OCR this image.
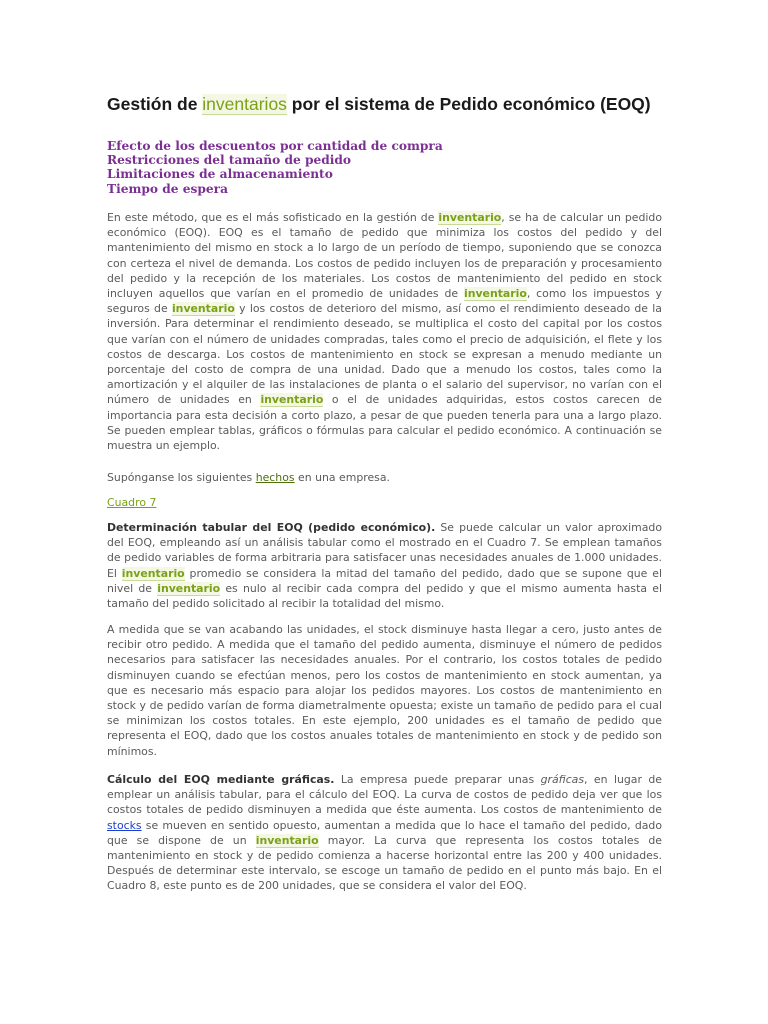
Gestión de inventarios por el sistema de Pedido económico (EOQ)
Efecto de los descuentos por cantidad de compra
Restricciones del tamaño de pedido
Limitaciones de almacenamiento
Tiempo de espera

En este método, que es el más sofisticado en la gestión de inventario, se ha de calcular un pedido económico (EOQ). EOQ es el tamaño de pedido que minimiza los costos del pedido y del mantenimiento del mismo en stock a lo largo de un período de tiempo, suponiendo que se conozca con certeza el nivel de demanda. Los costos de pedido incluyen los de preparación y procesamiento del pedido y la recepción de los materiales. Los costos de mantenimiento del pedido en stock incluyen aquellos que varían en el promedio de unidades de inventario, como los impuestos y seguros de inventario y los costos de deterioro del mismo, así como el rendimiento deseado de la inversión. Para determinar el rendimiento deseado, se multiplica el costo del capital por los costos que varían con el número de unidades compradas, tales como el precio de adquisición, el flete y los costos de descarga. Los costos de mantenimiento en stock se expresan a menudo mediante un porcentaje del costo de compra de una unidad. Dado que a menudo los costos, tales como la amortización y el alquiler de las instalaciones de planta o el salario del supervisor, no varían con el número de unidades en inventario o el de unidades adquiridas, estos costos carecen de importancia para esta decisión a corto plazo, a pesar de que pueden tenerla para una a largo plazo. Se pueden emplear tablas, gráficos o fórmulas para calcular el pedido económico. A continuación se muestra un ejemplo.

Supónganse los siguientes hechos en una empresa.

Cuadro 7

Determinación tabular del EOQ (pedido económico). Se puede calcular un valor aproximado del EOQ, empleando así un análisis tabular como el mostrado en el Cuadro 7. Se emplean tamaños de pedido variables de forma arbitraria para satisfacer unas necesidades anuales de 1.000 unidades. El inventario promedio se considera la mitad del tamaño del pedido, dado que se supone que el nivel de inventario es nulo al recibir cada compra del pedido y que el mismo aumenta hasta el tamaño del pedido solicitado al recibir la totalidad del mismo.

A medida que se van acabando las unidades, el stock disminuye hasta llegar a cero, justo antes de recibir otro pedido. A medida que el tamaño del pedido aumenta, disminuye el número de pedidos necesarios para satisfacer las necesidades anuales. Por el contrario, los costos totales de pedido disminuyen cuando se efectúan menos, pero los costos de mantenimiento en stock aumentan, ya que es necesario más espacio para alojar los pedidos mayores. Los costos de mantenimiento en stock y de pedido varían de forma diametralmente opuesta; existe un tamaño de pedido para el cual se minimizan los costos totales. En este ejemplo, 200 unidades es el tamaño de pedido que representa el EOQ, dado que los costos anuales totales de mantenimiento en stock y de pedido son mínimos.

Cálculo del EOQ mediante gráficas. La empresa puede preparar unas gráficas, en lugar de emplear un análisis tabular, para el cálculo del EOQ. La curva de costos de pedido deja ver que los costos totales de pedido disminuyen a medida que éste aumenta. Los costos de mantenimiento de stocks se mueven en sentido opuesto, aumentan a medida que lo hace el tamaño del pedido, dado que se dispone de un inventario mayor. La curva que representa los costos totales de mantenimiento en stock y de pedido comienza a hacerse horizontal entre las 200 y 400 unidades. Después de determinar este intervalo, se escoge un tamaño de pedido en el punto más bajo. En el Cuadro 8, este punto es de 200 unidades, que se considera el valor del EOQ.
